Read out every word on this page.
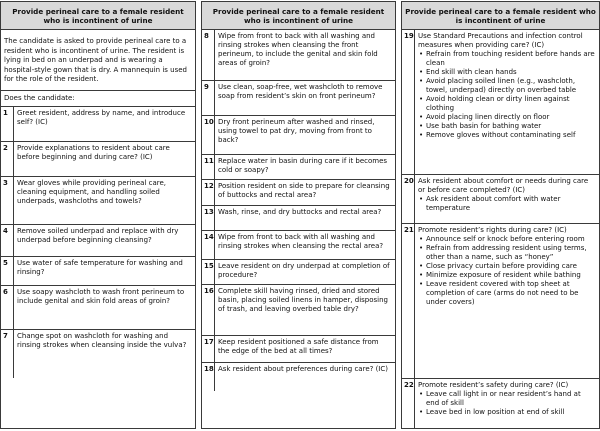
Provide perineal care to a female resident who is incontinent of urine
The candidate is asked to provide perineal care to a resident who is incontinent of urine. The resident is lying in bed on an underpad and is wearing a hospital-style gown that is dry. A mannequin is used for the role of the resident.
Does the candidate:
1	Greet resident, address by name, and introduce self? (IC)
2	Provide explanations to resident about care before beginning and during care? (IC)
3	Wear gloves while providing perineal care, cleaning equipment, and handling soiled underpads, washcloths and towels?
4	Remove soiled underpad and replace with dry underpad before beginning cleansing?
5	Use water of safe temperature for washing and rinsing?
6	Use soapy washcloth to wash front perineum to include genital and skin fold areas of groin?
7	Change spot on washcloth for washing and rinsing strokes when cleansing inside the vulva?
Provide perineal care to a female resident who is incontinent of urine
8	Wipe from front to back with all washing and rinsing strokes when cleansing the front perineum, to include the genital and skin fold areas of groin?
9	Use clean, soap-free, wet washcloth to remove soap from resident’s skin on front perineum?
10 Dry front perineum after washed and rinsed, using towel to pat dry, moving from front to back?
11 Replace water in basin during care if it becomes cold or soapy?
12 Position resident on side to prepare for cleansing of buttocks and rectal area?
13 Wash, rinse, and dry buttocks and rectal area?
14 Wipe from front to back with all washing and rinsing strokes when cleansing the rectal area?
15 Leave resident on dry underpad at completion of procedure?
16 Complete skill having rinsed, dried and stored basin, placing soiled linens in hamper, disposing of trash, and leaving overbed table dry?
17 Keep resident positioned a safe distance from the edge of the bed at all times?
18 Ask resident about preferences during care? (IC)
Provide perineal care to a female resident who is incontinent of urine
19 Use Standard Precautions and infection control measures when providing care? (IC)
• Refrain from touching resident before hands are clean
• End skill with clean hands
• Avoid placing soiled linen (e.g., washcloth, towel, underpad) directly on overbed table
• Avoid holding clean or dirty linen against clothing
• Avoid placing linen directly on floor
• Use bath basin for bathing water
• Remove gloves without contaminating self
20 Ask resident about comfort or needs during care or before care completed? (IC)
• Ask resident about comfort with water temperature
21 Promote resident’s rights during care? (IC)
• Announce self or knock before entering room
• Refrain from addressing resident using terms, other than a name, such as “honey”
• Close privacy curtain before providing care
• Minimize exposure of resident while bathing
• Leave resident covered with top sheet at completion of care (arms do not need to be under covers)
22 Promote resident’s safety during care? (IC)
• Leave call light in or near resident’s hand at end of skill
• Leave bed in low position at end of skill
